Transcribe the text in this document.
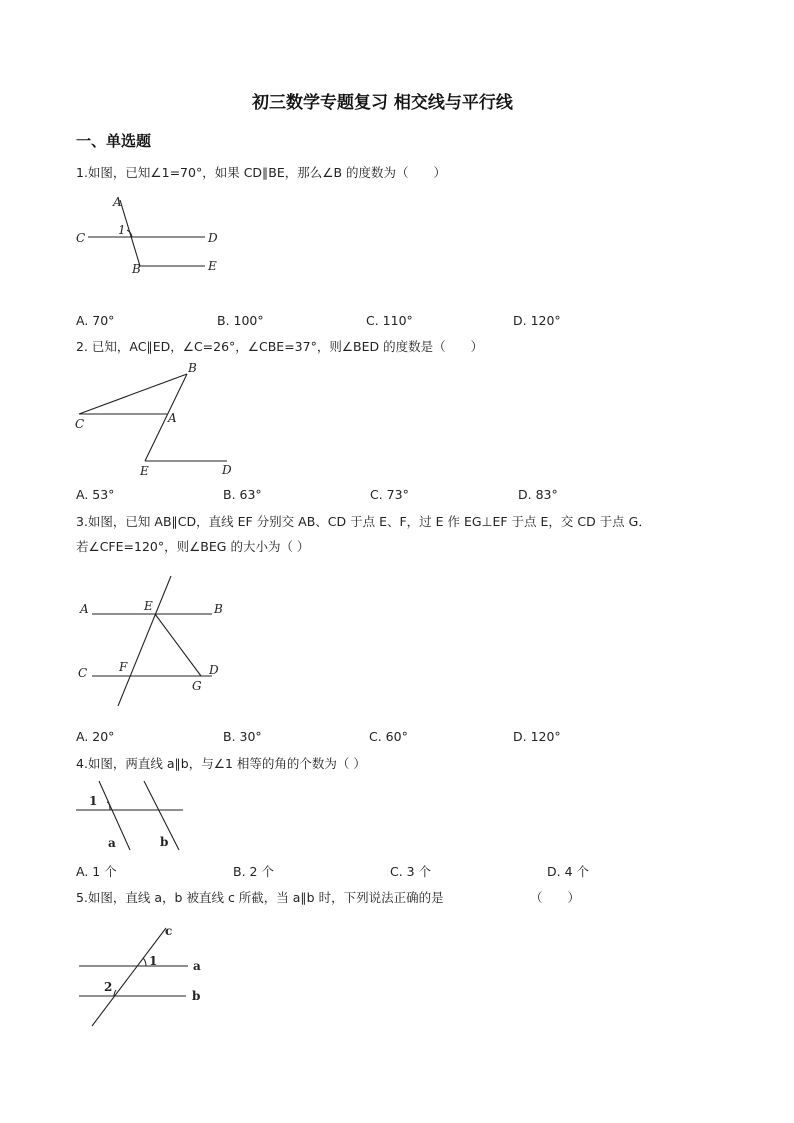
初三数学专题复习 相交线与平行线
一、单选题
1.如图，已知∠1=70°，如果 CD∥BE，那么∠B 的度数为（　　）
A
1
C	D
B	E
A. 70°	B. 100°	C. 110°	D. 120°
2. 已知，AC∥ED，∠C=26°，∠CBE=37°，则∠BED 的度数是（　　）
B
C	A
E	D
A. 53°	B. 63°	C. 73°	D. 83°
3.如图，已知 AB∥CD，直线 EF 分别交 AB、CD 于点 E、F，过 E 作 EG⊥EF 于点 E，交 CD 于点 G．
若∠CFE=120°，则∠BEG 的大小为（ ）
A	E	B
C	F	D
G
A. 20°	B. 30°	C. 60°	D. 120°
4.如图，两直线 a∥b，与∠1 相等的角的个数为（ ）
1
a	b
A. 1 个	B. 2 个	C. 3 个	D. 4 个
5.如图，直线 a，b 被直线 c 所截，当 a∥b 时，下列说法正确的是	（　　）
c
1	a
2
b
